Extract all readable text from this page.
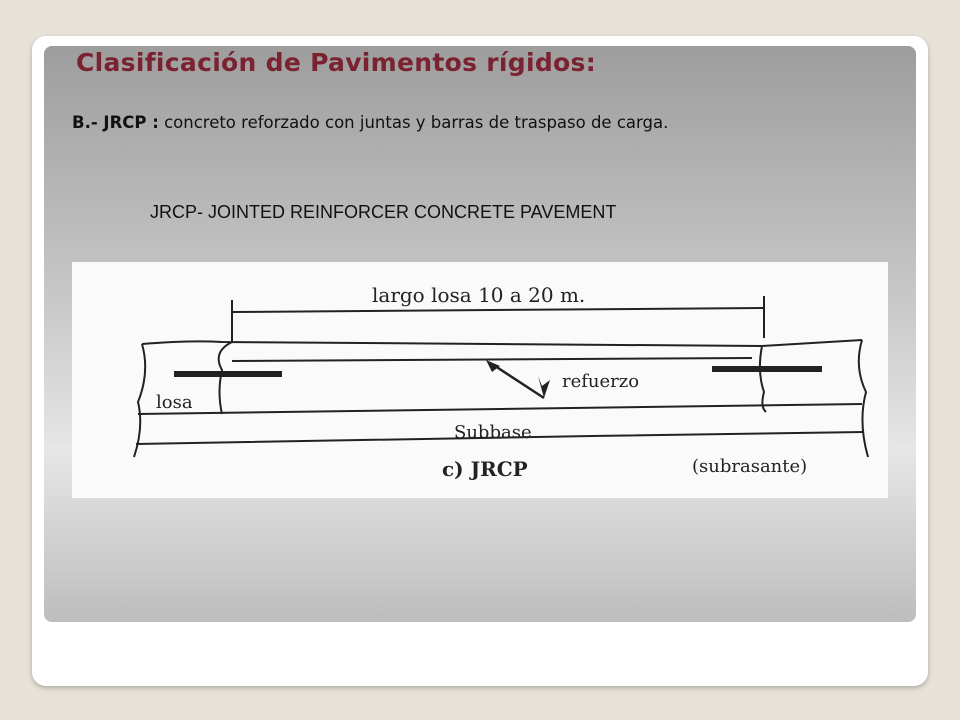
Clasificación de Pavimentos rígidos:

B.- JRCP : concreto reforzado con juntas y barras de traspaso de carga.

JRCP- JOINTED REINFORCER CONCRETE PAVEMENT

largo losa 10 a 20 m.
refuerzo
losa
Subbase
c) JRCP	(subrasante)
